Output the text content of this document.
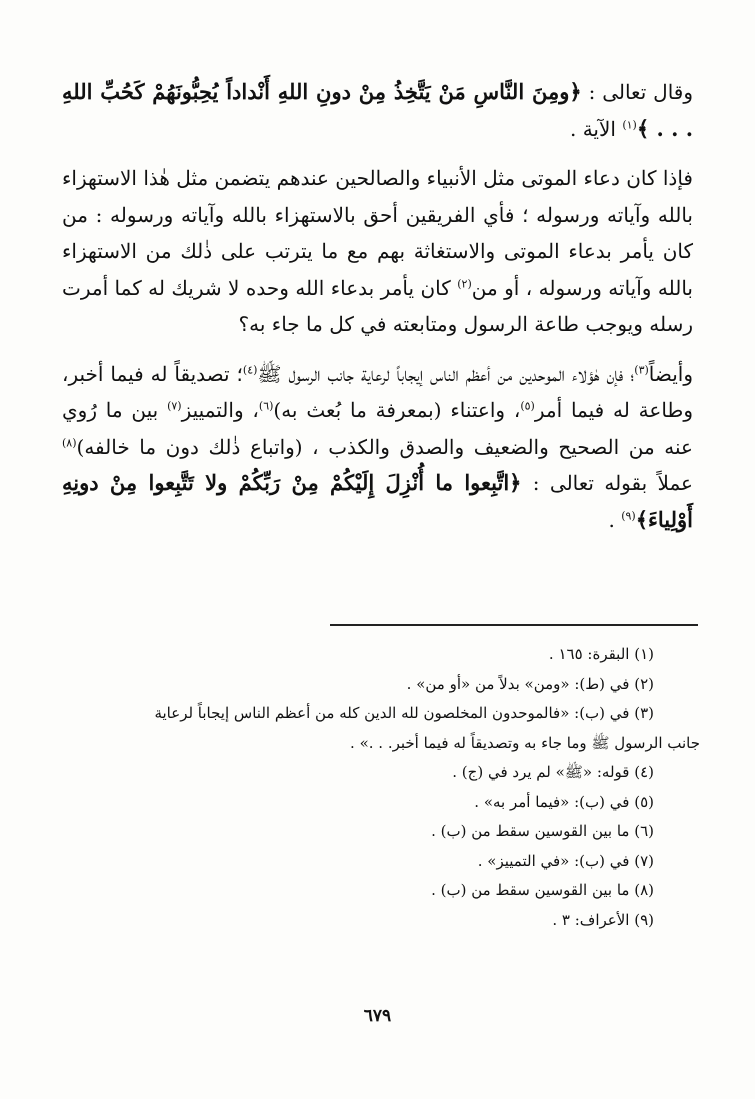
وقال تعالى : ﴿ومِنَ النَّاسِ مَنْ يَتَّخِذُ مِنْ دونِ اللهِ أَنْداداً يُحِبُّونَهُمْ كَحُبِّ اللهِ . . . ﴾$^{(١)}$ الآية .

فإذا كان دعاء الموتى مثل الأنبياء والصالحين عندهم يتضمن مثل هٰذا الاستهزاء بالله وآياته ورسوله ؛ فأي الفريقين أحق بالاستهزاء بالله وآياته ورسوله : من كان يأمر بدعاء الموتى والاستغاثة بهم مع ما يترتب على ذٰلك من الاستهزاء بالله وآياته ورسوله ، أو من$^{(٢)}$ كان يأمر بدعاء الله وحده لا شريك له كما أمرت رسله ويوجب طاعة الرسول ومتابعته في كل ما جاء به؟

وأيضاً$^{(٣)}$؛ فإن هٰؤلاء الموحدين من أعظم الناس إيجاباً لرعاية جانب الرسول ﷺ$^{(٤)}$؛ تصديقاً له فيما أخبر، وطاعة له فيما أمر$^{(٥)}$، واعتناء (بمعرفة ما بُعث به)$^{(٦)}$، والتمييز$^{(٧)}$ بين ما رُوي عنه من الصحيح والضعيف والصدق والكذب ، (واتباع ذٰلك دون ما خالفه)$^{(٨)}$ عملاً بقوله تعالى : ﴿اتَّبِعوا ما أُنْزِلَ إِلَيْكُمْ مِنْ رَبِّكُمْ ولا تَتَّبِعوا مِنْ دونِهِ أَوْلِياءَ﴾$^{(٩)}$ .

(١) البقرة: ١٦٥ .

(٢) في (ط): «ومن» بدلاً من «أو من» .

(٣) في (ب): «فالموحدون المخلصون لله الدين كله من أعظم الناس إيجاباً لرعاية

جانب الرسول ﷺ وما جاء به وتصديقاً له فيما أخبر. . .» .

(٤) قوله: «ﷺ» لم يرد في (ج) .

(٥) في (ب): «فيما أمر به» .

(٦) ما بين القوسين سقط من (ب) .

(٧) في (ب): «في التمييز» .

(٨) ما بين القوسين سقط من (ب) .

(٩) الأعراف: ٣ .

٦٧٩
